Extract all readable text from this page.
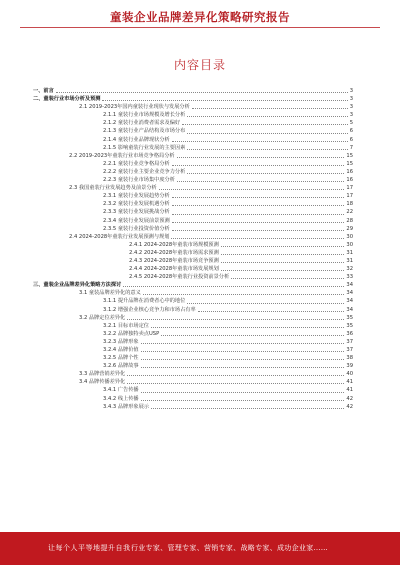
童装企业品牌差异化策略研究报告
内容目录
一、前言	3
二、童装行业市场分析及预测	3
2.1 2019-2023年国内童装行业现状与发展分析	3
2.1.1 童装行业市场规模及增长分析	3
2.1.2 童装行业消费者需求及偏好	5
2.1.3 童装行业产品结构及市场分布	6
2.1.4 童装行业品牌现状分析	6
2.1.5 影响童装行业发展的主要因素	7
2.2 2019-2023年童装行业市场竞争格局分析	15
2.2.1 童装行业竞争格局分析	15
2.2.2 童装行业主要企业竞争力分析	16
2.2.3 童装行业市场集中度分析	16
2.3 我国童装行业发展趋势及前景分析	17
2.3.1 童装行业发展趋势分析	17
2.3.2 童装行业发展机遇分析	18
2.3.3 童装行业发展挑战分析	22
2.3.4 童装行业发展前景预测	28
2.3.5 童装行业投资价值分析	29
2.4 2024-2028年童装行业发展预测与规划	30
2.4.1 2024-2028年童装市场规模预测	30
2.4.2 2024-2028年童装市场需求预测	31
2.4.3 2024-2028年童装市场竞争预测	31
2.4.4 2024-2028年童装市场发展规划	32
2.4.5 2024-2028年童装行业投资前景分析	33
三、童装企业品牌差异化策略方法探讨	34
3.1 童装品牌差异化的意义	34
3.1.1 提升品牌在消费者心中的地位	34
3.1.2 增强企业核心竞争力和市场占有率	34
3.2 品牌定位差异化	35
3.2.1 目标市场定位	35
3.2.2 品牌独特卖点USP	36
3.2.3 品牌形象	37
3.2.4 品牌价值	37
3.2.5 品牌个性	38
3.2.6 品牌故事	39
3.3 品牌营销差异化	40
3.4 品牌传播差异化	41
3.4.1 广告传播	41
3.4.2 线上传播	42
3.4.3 品牌形象展示	42
让每个人平等地提升自我 行业专家、管理专家、营销专家、战略专家、成功企业家……
